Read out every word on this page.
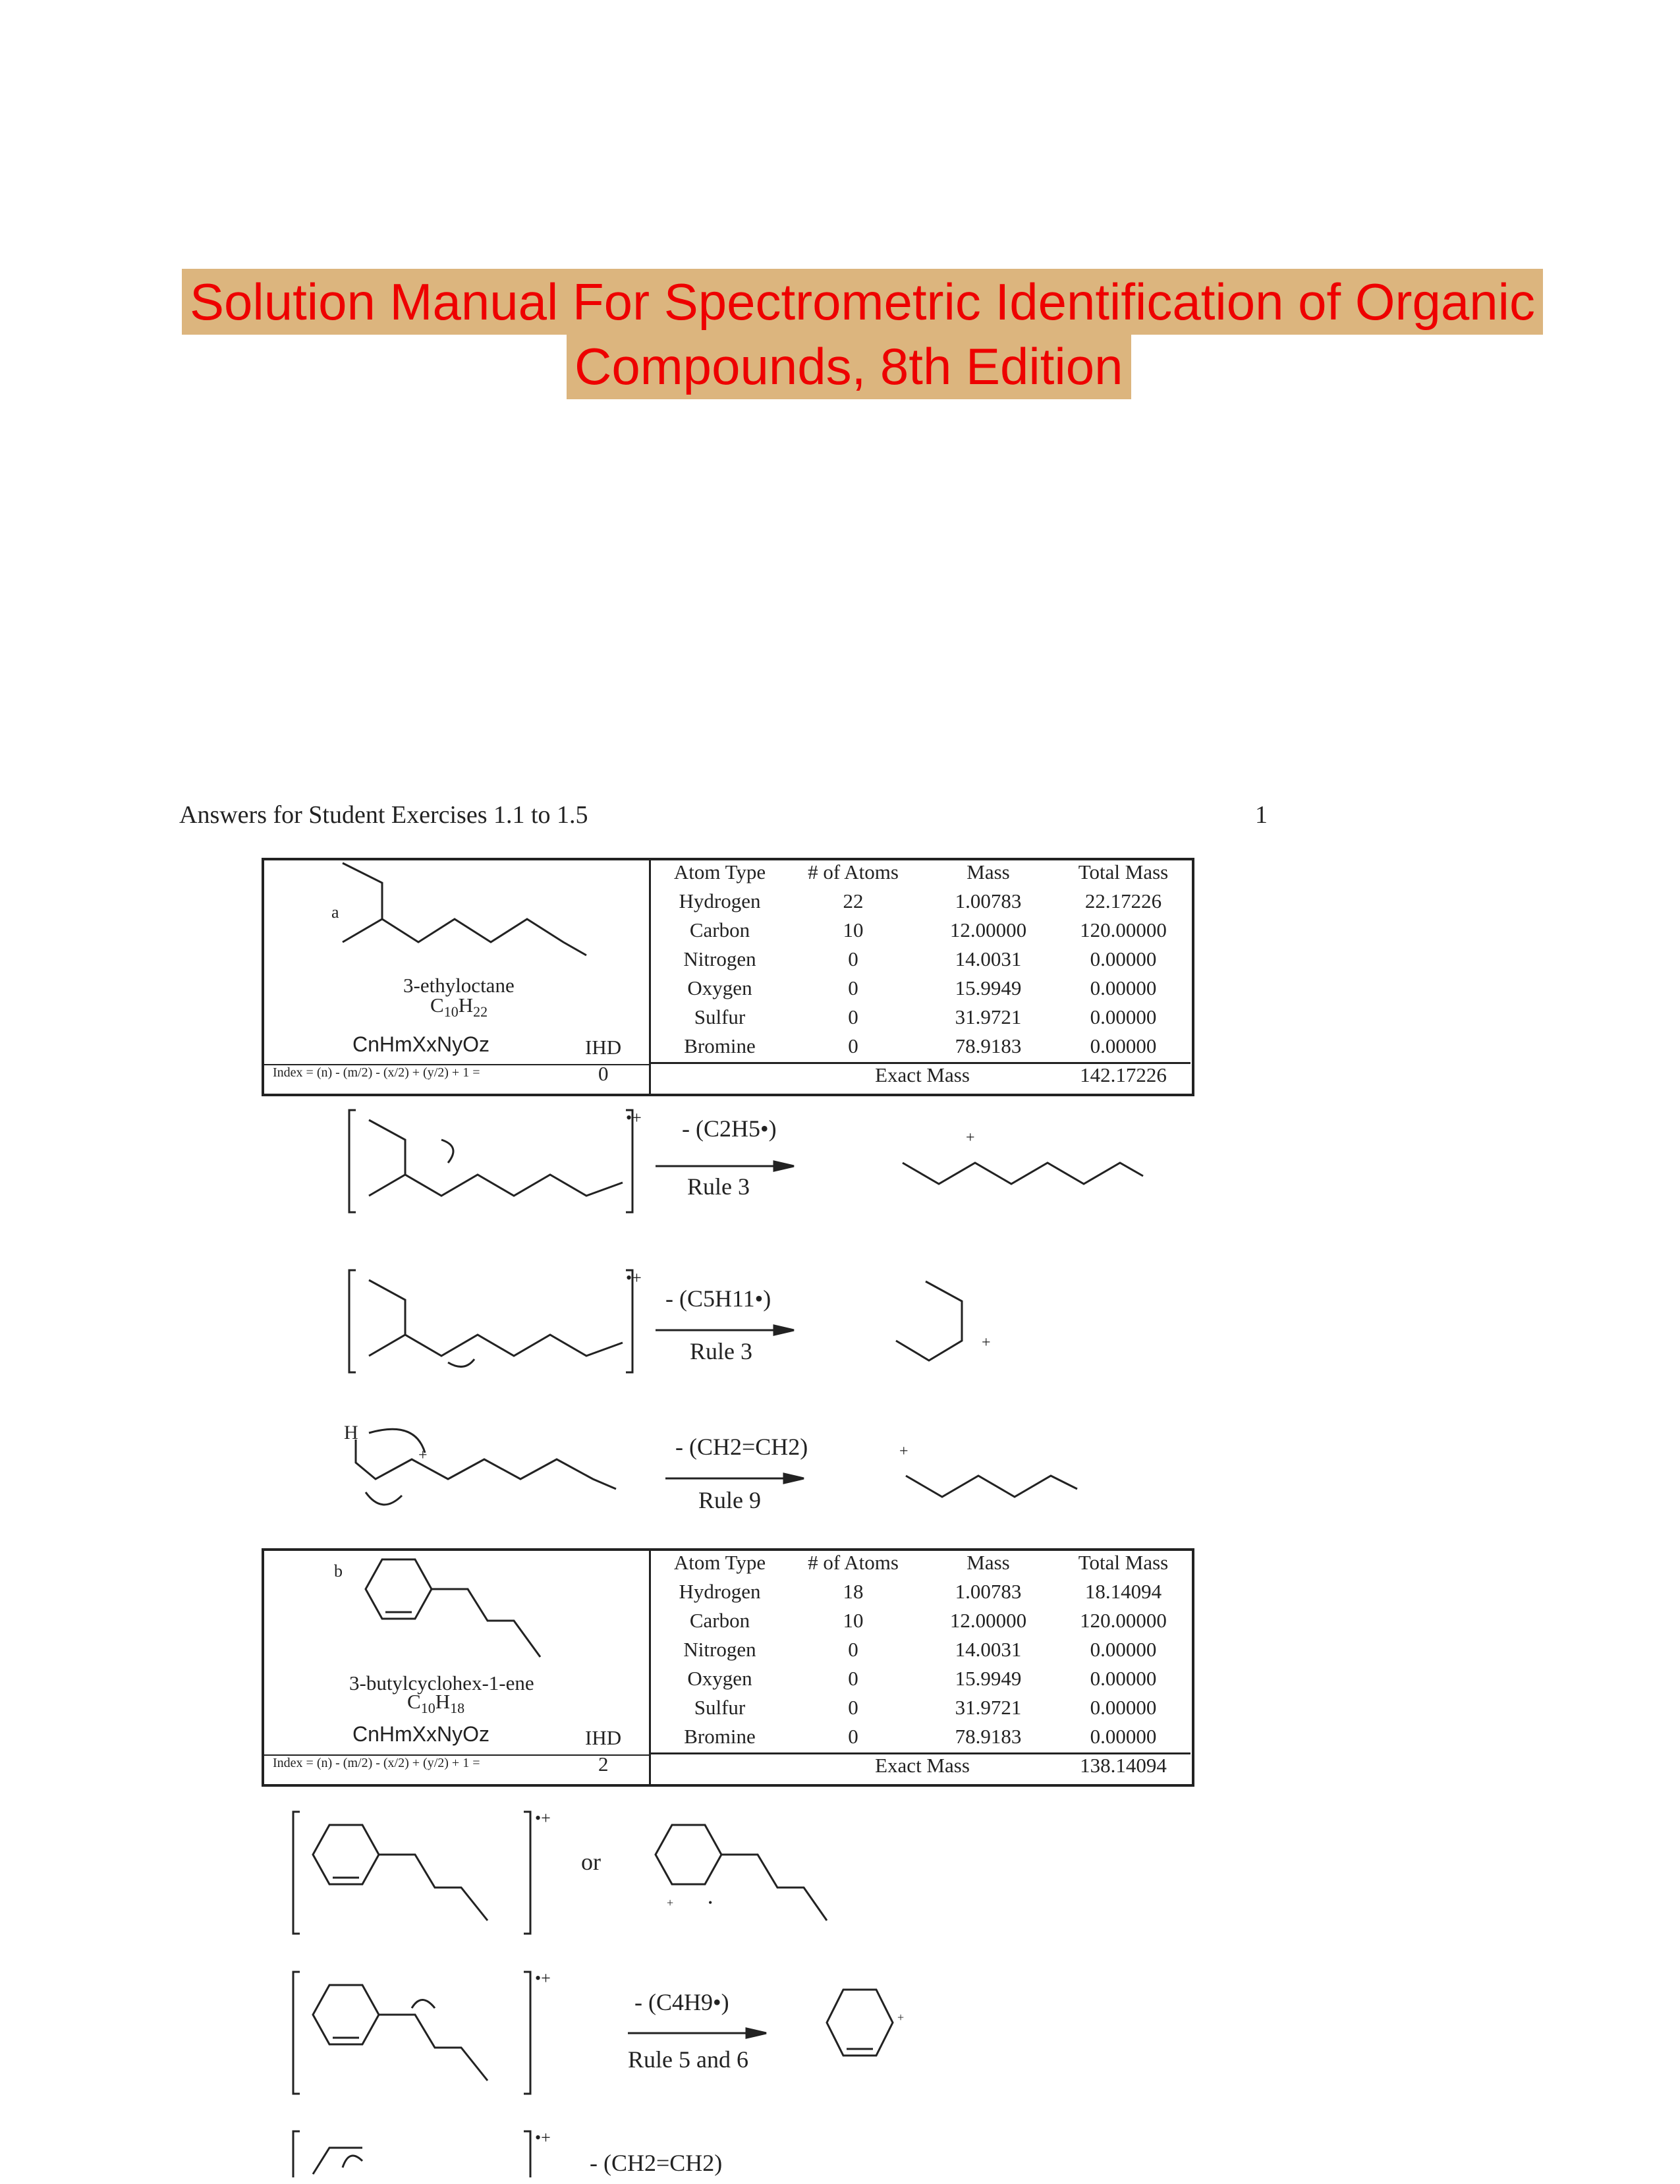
Solution Manual For Spectrometric Identification of Organic
Compounds, 8th Edition
Answers for Student Exercises 1.1 to 1.5	1
a
3-ethyloctane
$C_{10}H_{22}$
CnHmXxNyOz	IHD
Index = (n) - (m/2) - (x/2) + (y/2) + 1 =	0
Atom Type	# of Atoms	Mass	Total Mass
Hydrogen	22	1.00783	22.17226
Carbon	10	12.00000	120.00000
Nitrogen	0	14.0031	0.00000
Oxygen	0	15.9949	0.00000
Sulfur	0	31.9721	0.00000
Bromine	0	78.9183	0.00000
	Exact Mass		142.17226
•+ - (C2H5•)
Rule 3
+
•+
- (C5H11•)
Rule 3	+
H
+	- (CH2=CH2)
Rule 9
+
b
3-butylcyclohex-1-ene
$C_{10}H_{18}$
CnHmXxNyOz	IHD
Index = (n) - (m/2) - (x/2) + (y/2) + 1 =	2
Atom Type	# of Atoms	Mass	Total Mass
Hydrogen	18	1.00783	18.14094
Carbon	10	12.00000	120.00000
Nitrogen	0	14.0031	0.00000
Oxygen	0	15.9949	0.00000
Sulfur	0	31.9721	0.00000
Bromine	0	78.9183	0.00000
	Exact Mass		138.14094
•+
or
+	•
•+
- (C4H9•)
Rule 5 and 6
+
•+
- (CH2=CH2)
